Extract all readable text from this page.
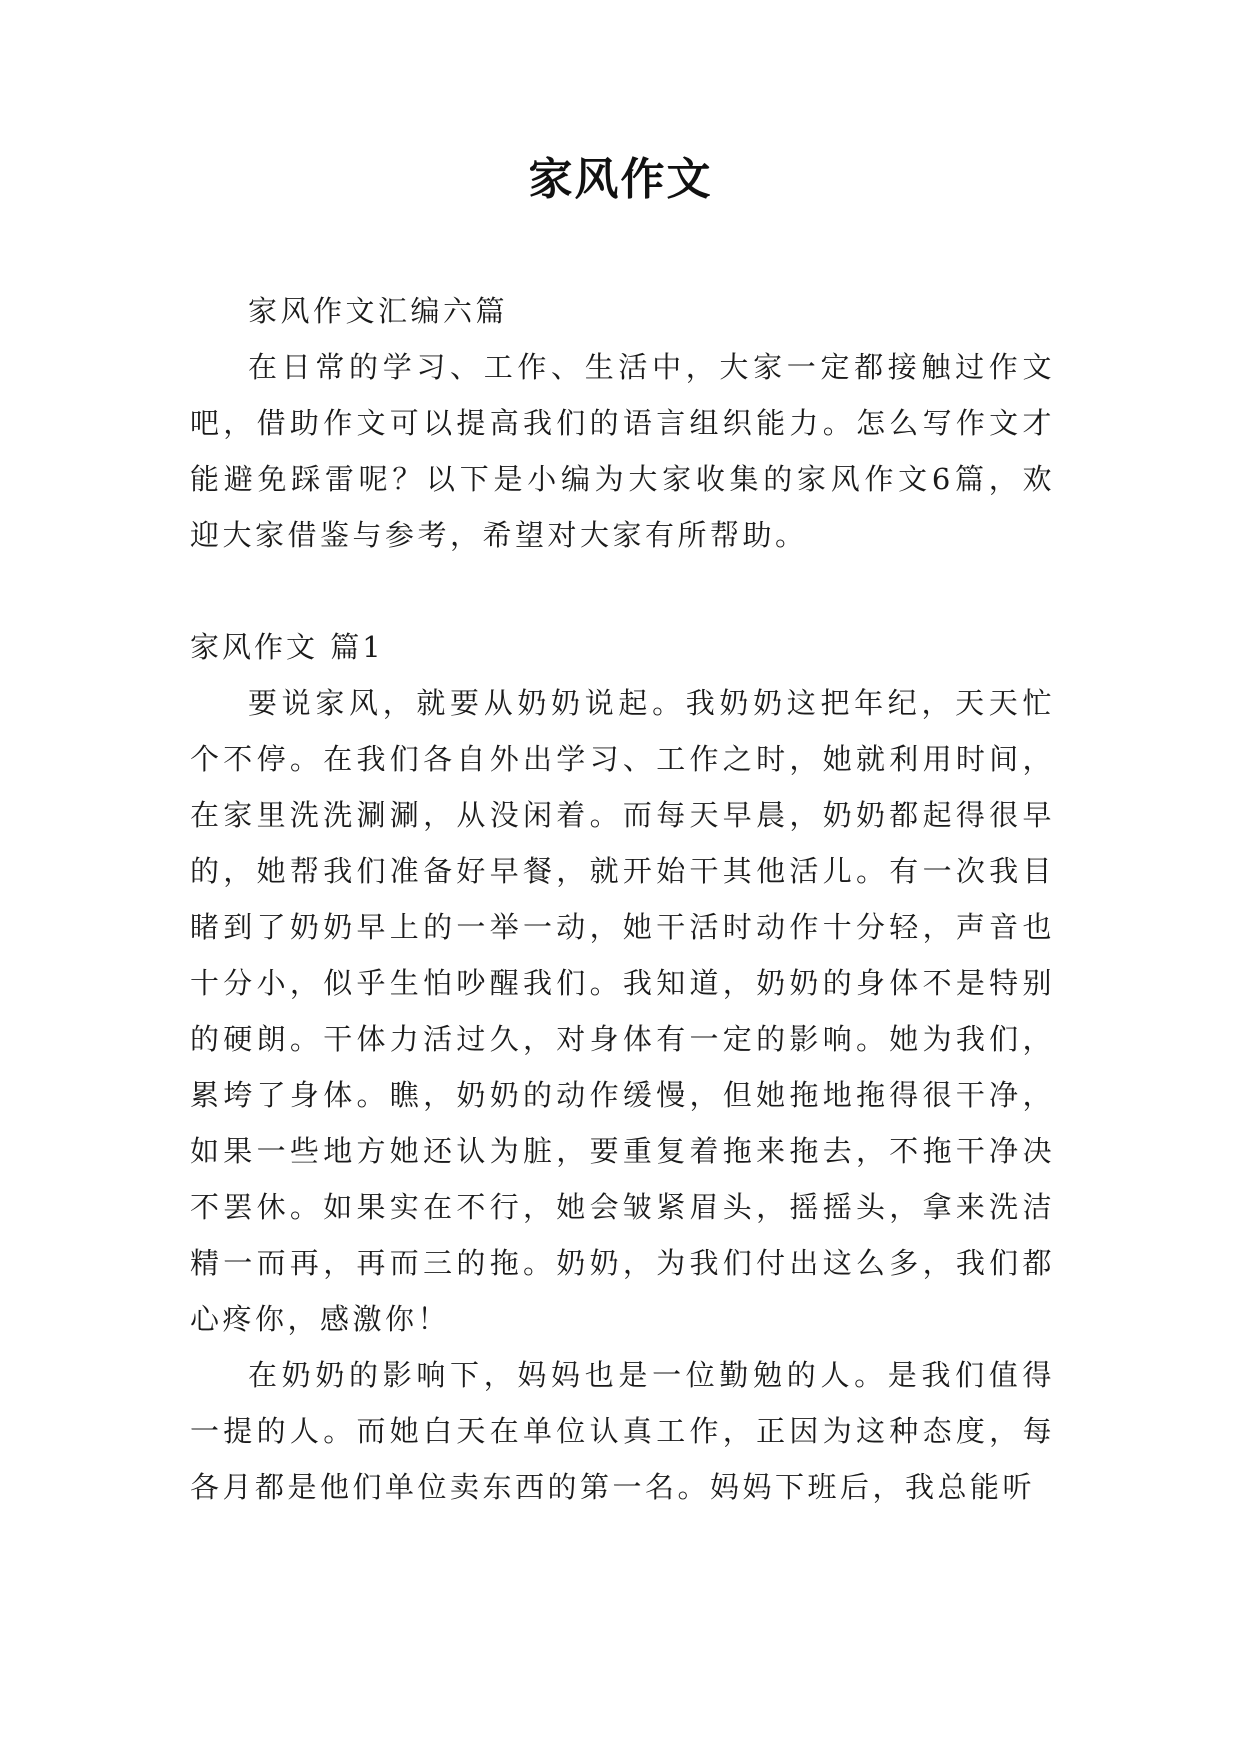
家风作文

家风作文汇编六篇

在日常的学习、工作、生活中，大家一定都接触过作文吧，借助作文可以提高我们的语言组织能力。怎么写作文才能避免踩雷呢？以下是小编为大家收集的家风作文6篇，欢迎大家借鉴与参考，希望对大家有所帮助。

家风作文 篇1

要说家风，就要从奶奶说起。我奶奶这把年纪，天天忙个不停。在我们各自外出学习、工作之时，她就利用时间，在家里洗洗涮涮，从没闲着。而每天早晨，奶奶都起得很早的，她帮我们准备好早餐，就开始干其他活儿。有一次我目睹到了奶奶早上的一举一动，她干活时动作十分轻，声音也十分小，似乎生怕吵醒我们。我知道，奶奶的身体不是特别的硬朗。干体力活过久，对身体有一定的影响。她为我们，累垮了身体。瞧，奶奶的动作缓慢，但她拖地拖得很干净，如果一些地方她还认为脏，要重复着拖来拖去，不拖干净决不罢休。如果实在不行，她会皱紧眉头，摇摇头，拿来洗洁精一而再，再而三的拖。奶奶，为我们付出这么多，我们都心疼你，感激你！

在奶奶的影响下，妈妈也是一位勤勉的人。是我们值得一提的人。而她白天在单位认真工作，正因为这种态度，每各月都是他们单位卖东西的第一名。妈妈下班后，我总能听
